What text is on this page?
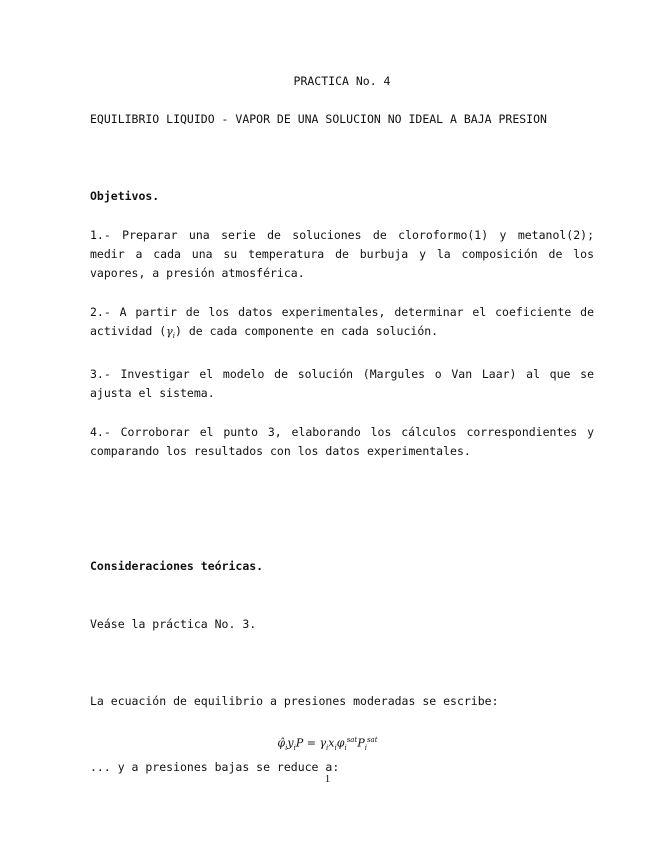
PRACTICA No. 4
EQUILIBRIO LIQUIDO - VAPOR DE UNA SOLUCION NO IDEAL A BAJA PRESION
Objetivos.
1.- Preparar una serie de soluciones de cloroformo(1) y metanol(2); medir a cada una su temperatura de burbuja y la composición de los vapores, a presión atmosférica.
2.- A partir de los datos experimentales, determinar el coeficiente de actividad $(\gamma_i)$ de cada componente en cada solución.
3.- Investigar el modelo de solución (Margules o Van Laar) al que se ajusta el sistema.
4.- Corroborar el punto 3, elaborando los cálculos correspondientes y comparando los resultados con los datos experimentales.
Consideraciones teóricas.
Veáse la práctica No. 3.
La ecuación de equilibrio a presiones moderadas se escribe:
$\varphî_iy_iP = \gamma_ix_i\varphi_i^{sat}P_i^{sat}$
... y a presiones bajas se reduce a:
1
